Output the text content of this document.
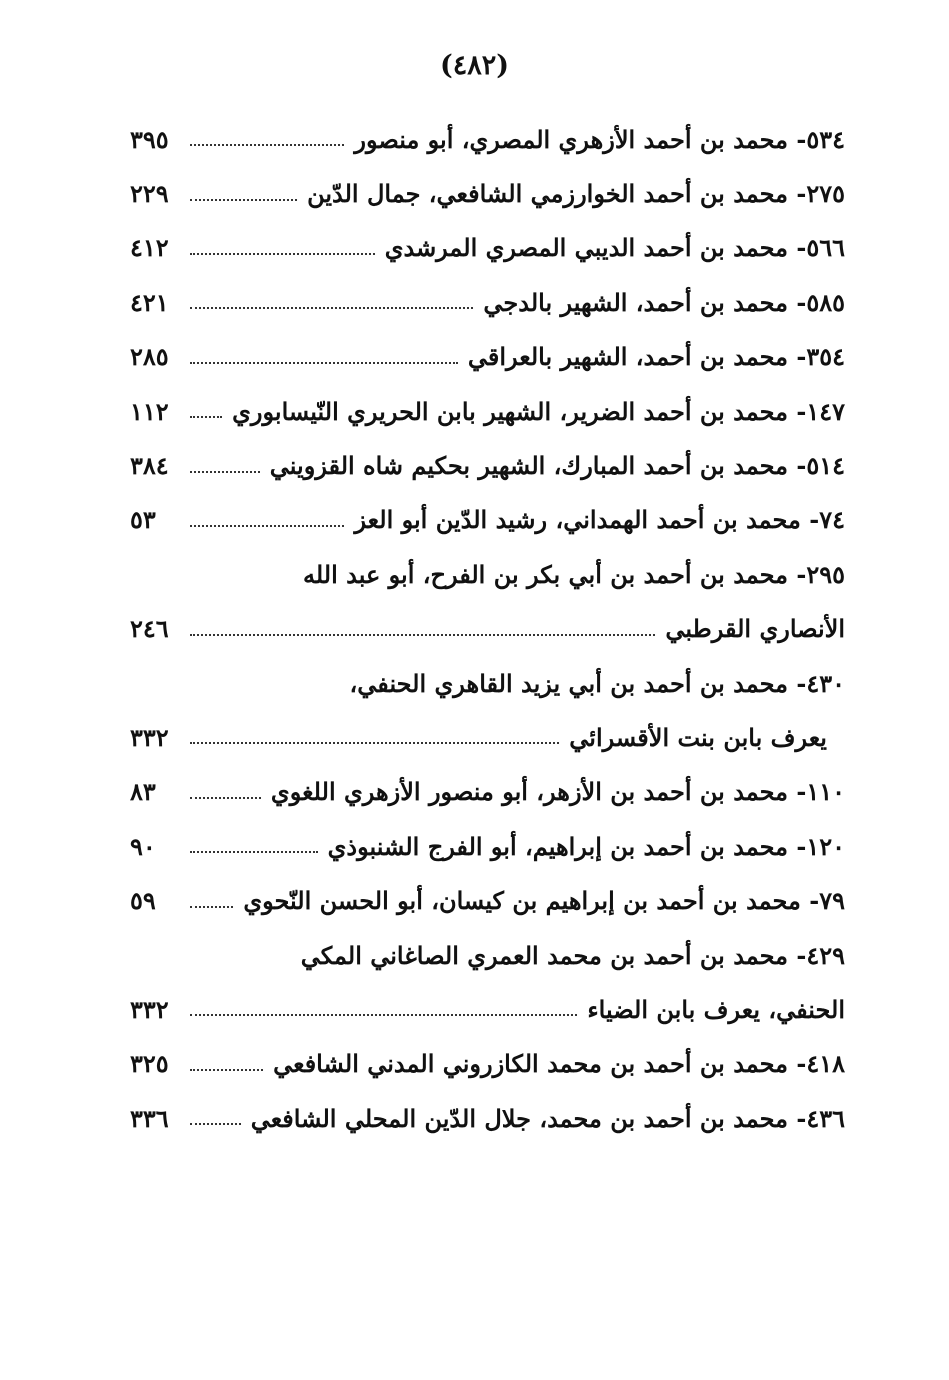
(٤٨٢)
٥٣٤- محمد بن أحمد الأزهري المصري، أبو منصور
٣٩٥
٢٧٥- محمد بن أحمد الخوارزمي الشافعي، جمال الدّين
٢٢٩
٥٦٦- محمد بن أحمد الديبي المصري المرشدي
٤١٢
٥٨٥- محمد بن أحمد، الشهير بالدجي
٤٢١
٣٥٤- محمد بن أحمد، الشهير بالعراقي
٢٨٥
١٤٧- محمد بن أحمد الضرير، الشهير بابن الحريري النّيسابوري
١١٢
٥١٤- محمد بن أحمد المبارك، الشهير بحكيم شاه القزويني
٣٨٤
٧٤- محمد بن أحمد الهمداني، رشيد الدّين أبو العز
٥٣
٢٩٥- محمد بن أحمد بن أبي بكر بن الفرح، أبو عبد الله
الأنصاري القرطبي
٢٤٦
٤٣٠- محمد بن أحمد بن أبي يزيد القاهري الحنفي،
يعرف بابن بنت الأقسرائي
٣٣٢
١١٠- محمد بن أحمد بن الأزهر، أبو منصور الأزهري اللغوي
٨٣
١٢٠- محمد بن أحمد بن إبراهيم، أبو الفرج الشنبوذي
٩٠
٧٩- محمد بن أحمد بن إبراهيم بن كيسان، أبو الحسن النّحوي
٥٩
٤٢٩- محمد بن أحمد بن محمد العمري الصاغاني المكي
الحنفي، يعرف بابن الضياء
٣٣٢
٤١٨- محمد بن أحمد بن محمد الكازروني المدني الشافعي
٣٢٥
٤٣٦- محمد بن أحمد بن محمد، جلال الدّين المحلي الشافعي
٣٣٦
